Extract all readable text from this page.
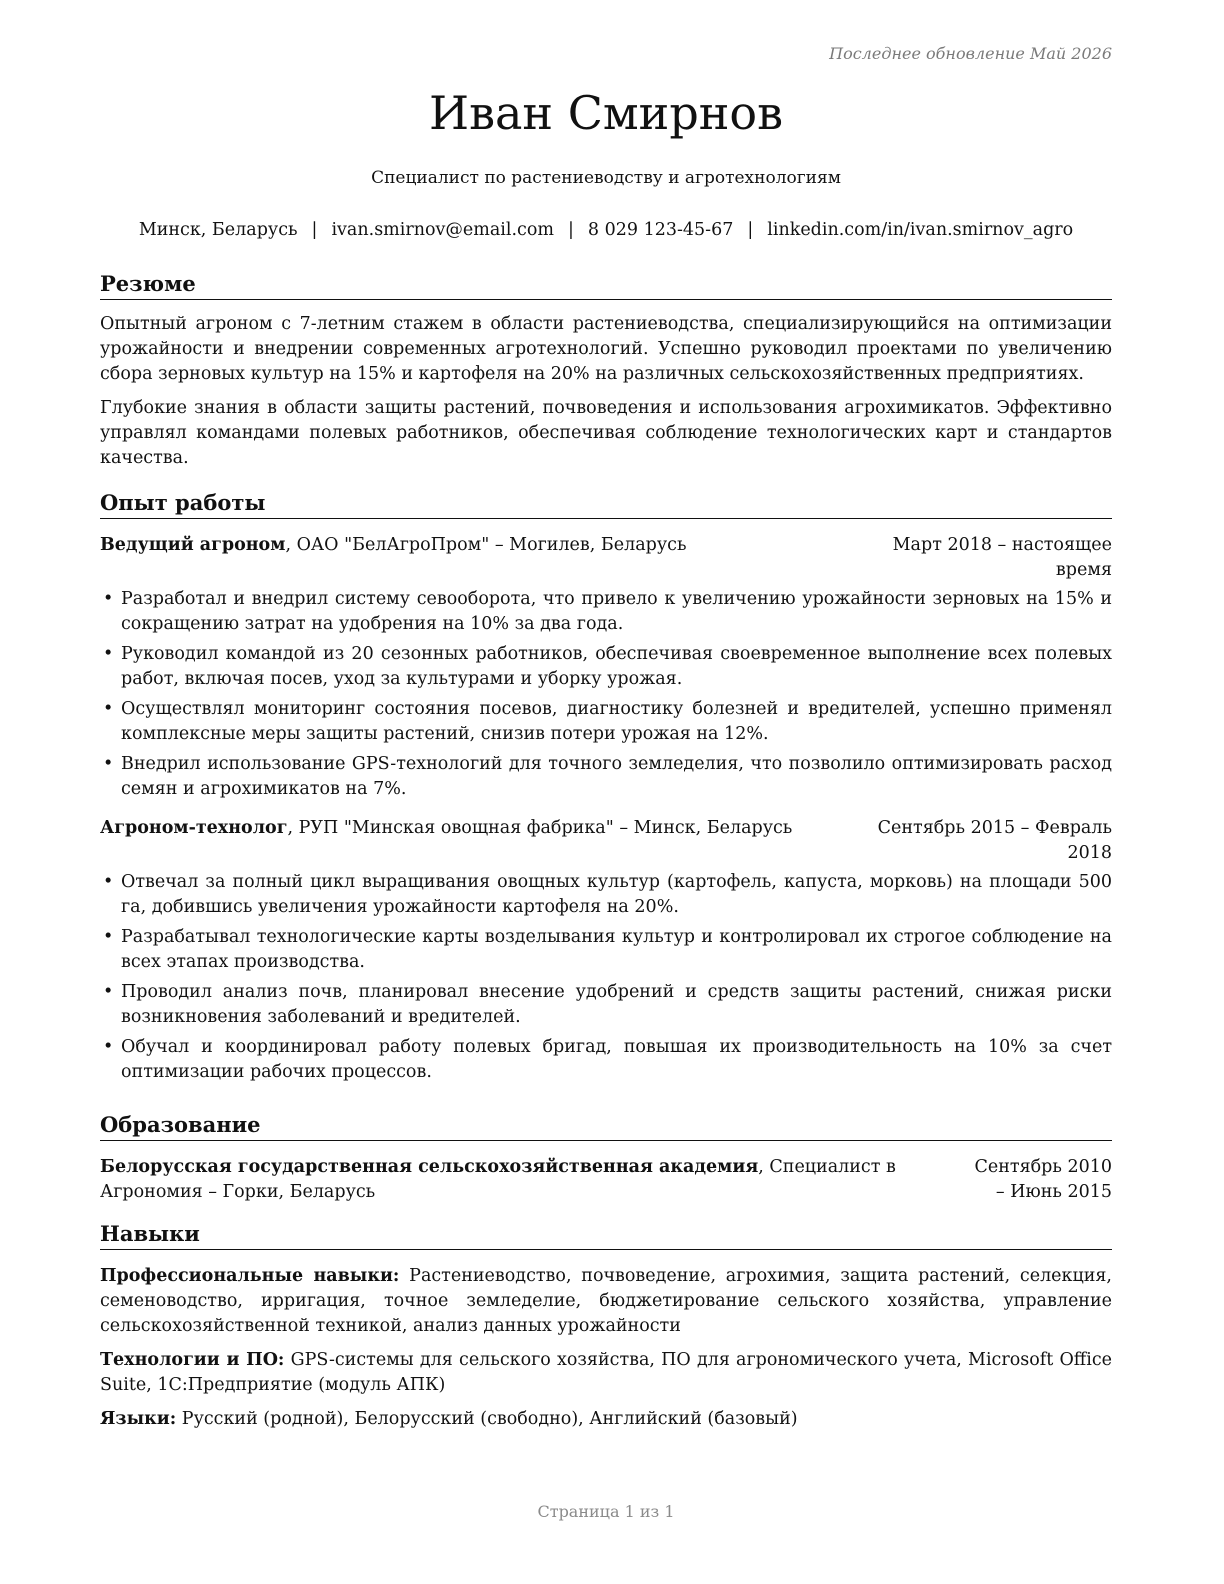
Последнее обновление Май 2026
Иван Смирнов
Специалист по растениеводству и агротехнологиям
Минск, Беларусь | ivan.smirnov@email.com | 8 029 123-45-67 | linkedin.com/in/ivan.smirnov_agro
Резюме

Опытный агроном с 7-летним стажем в области растениеводства, специализирующийся на оптимизации урожайности и внедрении современных агротехнологий. Успешно руководил проектами по увеличению сбора зерновых культур на 15% и картофеля на 20% на различных сельскохозяйственных предприятиях.

Глубокие знания в области защиты растений, почвоведения и использования агрохимикатов. Эффективно управлял командами полевых работников, обеспечивая соблюдение технологических карт и стандартов качества.

Опыт работы
Ведущий агроном, ОАО "БелАгроПром" – Могилев, Беларусь	Март 2018 – настоящее время
• Разработал и внедрил систему севооборота, что привело к увеличению урожайности зерновых на 15% и сокращению затрат на удобрения на 10% за два года.
• Руководил командой из 20 сезонных работников, обеспечивая своевременное выполнение всех полевых работ, включая посев, уход за культурами и уборку урожая.
• Осуществлял мониторинг состояния посевов, диагностику болезней и вредителей, успешно применял комплексные меры защиты растений, снизив потери урожая на 12%.
• Внедрил использование GPS-технологий для точного земледелия, что позволило оптимизировать расход семян и агрохимикатов на 7%.
Агроном-технолог, РУП "Минская овощная фабрика" – Минск, Беларусь	Сентябрь 2015 – Февраль 2018
• Отвечал за полный цикл выращивания овощных культур (картофель, капуста, морковь) на площади 500 га, добившись увеличения урожайности картофеля на 20%.
• Разрабатывал технологические карты возделывания культур и контролировал их строгое соблюдение на всех этапах производства.
• Проводил анализ почв, планировал внесение удобрений и средств защиты растений, снижая риски возникновения заболеваний и вредителей.
• Обучал и координировал работу полевых бригад, повышая их производительность на 10% за счет оптимизации рабочих процессов.
Образование
Белорусская государственная сельскохозяйственная академия, Специалист в Агрономия – Горки, Беларусь
Сентябрь 2010 – Июнь 2015
Навыки

Профессиональные навыки: Растениеводство, почвоведение, агрохимия, защита растений, селекция, семеноводство, ирригация, точное земледелие, бюджетирование сельского хозяйства, управление сельскохозяйственной техникой, анализ данных урожайности

Технологии и ПО: GPS-системы для сельского хозяйства, ПО для агрономического учета, Microsoft Office Suite, 1С:Предприятие (модуль АПК)

Языки: Русский (родной), Белорусский (свободно), Английский (базовый)

Страница 1 из 1
